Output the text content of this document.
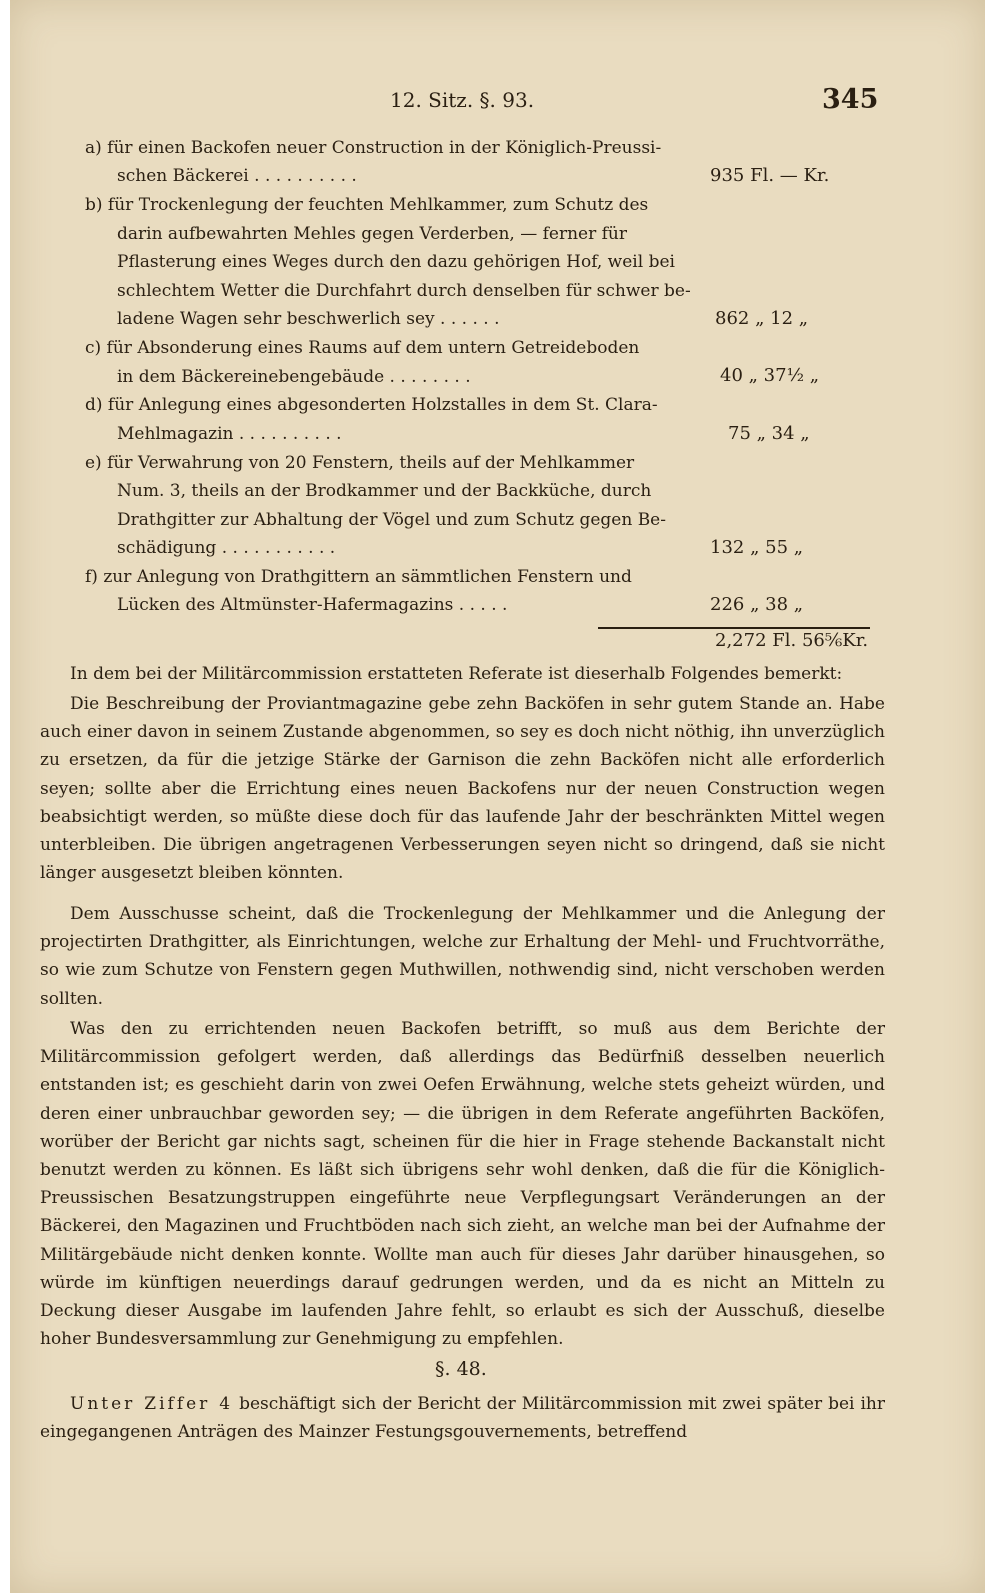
12. Sitz. §. 93.	345
a) für einen Backofen neuer Construction in der Königlich-Preussi-
schen Bäckerei . . . . . . . . . .	935 Fl. — Kr.
b) für Trockenlegung der feuchten Mehlkammer, zum Schutz des
darin aufbewahrten Mehles gegen Verderben, — ferner für
Pflasterung eines Weges durch den dazu gehörigen Hof, weil bei
schlechtem Wetter die Durchfahrt durch denselben für schwer be-
ladene Wagen sehr beschwerlich sey . . . . . .	862 „ 12 „
c) für Absonderung eines Raums auf dem untern Getreideboden
in dem Bäckereinebengebäude . . . . . . . .	40 „ 37½ „
d) für Anlegung eines abgesonderten Holzstalles in dem St. Clara-
Mehlmagazin . . . . . . . . . .	75 „ 34 „
e) für Verwahrung von 20 Fenstern, theils auf der Mehlkammer
Num. 3, theils an der Brodkammer und der Backküche, durch
Drathgitter zur Abhaltung der Vögel und zum Schutz gegen Be-
schädigung . . . . . . . . . . .	132 „ 55 „
f) zur Anlegung von Drathgittern an sämmtlichen Fenstern und
Lücken des Altmünster-Hafermagazins . . . . .	226 „ 38 „
2,272 Fl. 56⅚Kr.
In dem bei der Militärcommission erstatteten Referate ist dieserhalb Folgendes bemerkt:
Die Beschreibung der Proviantmagazine gebe zehn Backöfen in sehr gutem Stande an. Habe auch einer davon in seinem Zustande abgenommen, so sey es doch nicht nöthig, ihn unverzüglich zu ersetzen, da für die jetzige Stärke der Garnison die zehn Backöfen nicht alle erforderlich seyen; sollte aber die Errichtung eines neuen Backofens nur der neuen Construction wegen beabsichtigt werden, so müßte diese doch für das laufende Jahr der beschränkten Mittel wegen unterbleiben. Die übrigen angetragenen Verbesserungen seyen nicht so dringend, daß sie nicht länger ausgesetzt bleiben könnten.
Dem Ausschusse scheint, daß die Trockenlegung der Mehlkammer und die Anlegung der projectirten Drathgitter, als Einrichtungen, welche zur Erhaltung der Mehl- und Fruchtvorräthe, so wie zum Schutze von Fenstern gegen Muthwillen, nothwendig sind, nicht verschoben werden sollten.
Was den zu errichtenden neuen Backofen betrifft, so muß aus dem Berichte der Militärcommission gefolgert werden, daß allerdings das Bedürfniß desselben neuerlich entstanden ist; es geschieht darin von zwei Oefen Erwähnung, welche stets geheizt würden, und deren einer unbrauchbar geworden sey; — die übrigen in dem Referate angeführten Backöfen, worüber der Bericht gar nichts sagt, scheinen für die hier in Frage stehende Backanstalt nicht benutzt werden zu können. Es läßt sich übrigens sehr wohl denken, daß die für die Königlich-Preussischen Besatzungstruppen eingeführte neue Verpflegungsart Veränderungen an der Bäckerei, den Magazinen und Fruchtböden nach sich zieht, an welche man bei der Aufnahme der Militärgebäude nicht denken konnte. Wollte man auch für dieses Jahr darüber hinausgehen, so würde im künftigen neuerdings darauf gedrungen werden, und da es nicht an Mitteln zu Deckung dieser Ausgabe im laufenden Jahre fehlt, so erlaubt es sich der Ausschuß, dieselbe hoher Bundesversammlung zur Genehmigung zu empfehlen.
§. 48.
Unter Ziffer 4 beschäftigt sich der Bericht der Militärcommission mit zwei später bei ihr eingegangenen Anträgen des Mainzer Festungsgouvernements, betreffend
